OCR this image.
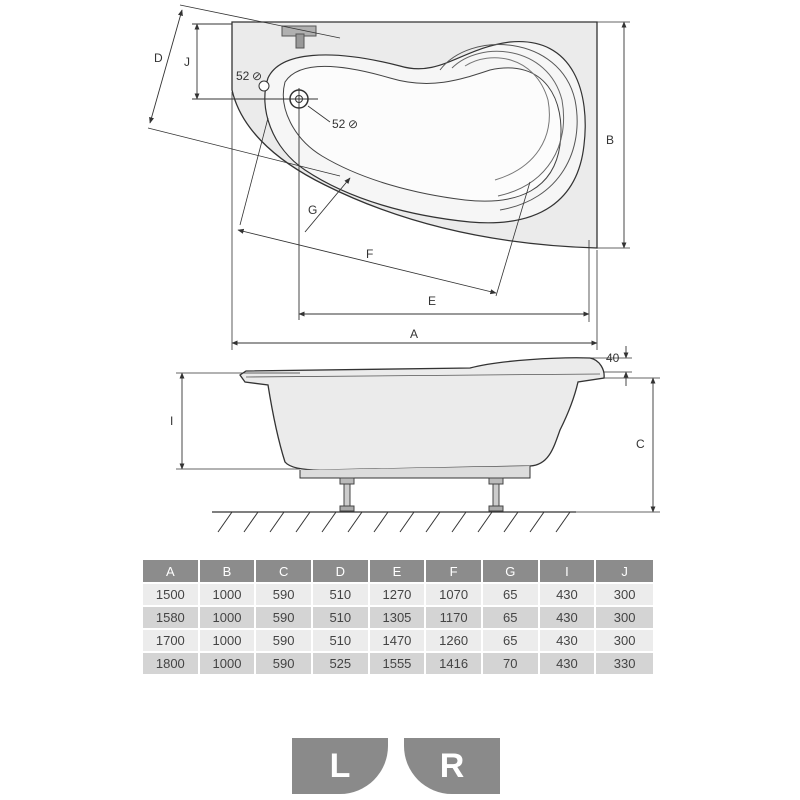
J
D
52 ⊘
52 ⊘
G
F
E
A
B
I
C
40
A	B	C	D	E	F	G	I	J
1500	1000	590	510	1270	1070	65	430	300
1580	1000	590	510	1305	1170	65	430	300
1700	1000	590	510	1470	1260	65	430	300
1800	1000	590	525	1555	1416	70	430	330
L	R
